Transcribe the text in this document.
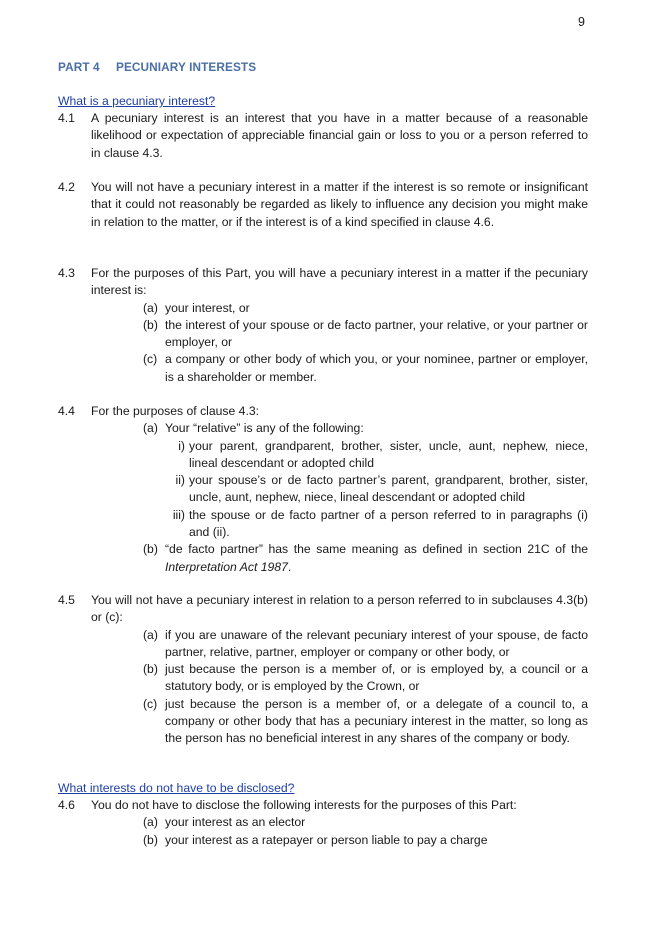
9
PART 4 PECUNIARY INTERESTS
What is a pecuniary interest?
4.1 A pecuniary interest is an interest that you have in a matter because of a reasonable likelihood or expectation of appreciable financial gain or loss to you or a person referred to in clause 4.3.
4.2 You will not have a pecuniary interest in a matter if the interest is so remote or insignificant that it could not reasonably be regarded as likely to influence any decision you might make in relation to the matter, or if the interest is of a kind specified in clause 4.6.
4.3 For the purposes of this Part, you will have a pecuniary interest in a matter if the pecuniary interest is:
(a) your interest, or
(b) the interest of your spouse or de facto partner, your relative, or your partner or employer, or
(c) a company or other body of which you, or your nominee, partner or employer, is a shareholder or member.
4.4 For the purposes of clause 4.3:
(a) Your “relative” is any of the following:
i) your parent, grandparent, brother, sister, uncle, aunt, nephew, niece, lineal descendant or adopted child
ii) your spouse’s or de facto partner’s parent, grandparent, brother, sister, uncle, aunt, nephew, niece, lineal descendant or adopted child
iii) the spouse or de facto partner of a person referred to in paragraphs (i) and (ii).
(b) “de facto partner” has the same meaning as defined in section 21C of the Interpretation Act 1987.
4.5 You will not have a pecuniary interest in relation to a person referred to in subclauses 4.3(b) or (c):
(a) if you are unaware of the relevant pecuniary interest of your spouse, de facto partner, relative, partner, employer or company or other body, or
(b) just because the person is a member of, or is employed by, a council or a statutory body, or is employed by the Crown, or
(c) just because the person is a member of, or a delegate of a council to, a company or other body that has a pecuniary interest in the matter, so long as the person has no beneficial interest in any shares of the company or body.
What interests do not have to be disclosed?
4.6 You do not have to disclose the following interests for the purposes of this Part:
(a) your interest as an elector
(b) your interest as a ratepayer or person liable to pay a charge
